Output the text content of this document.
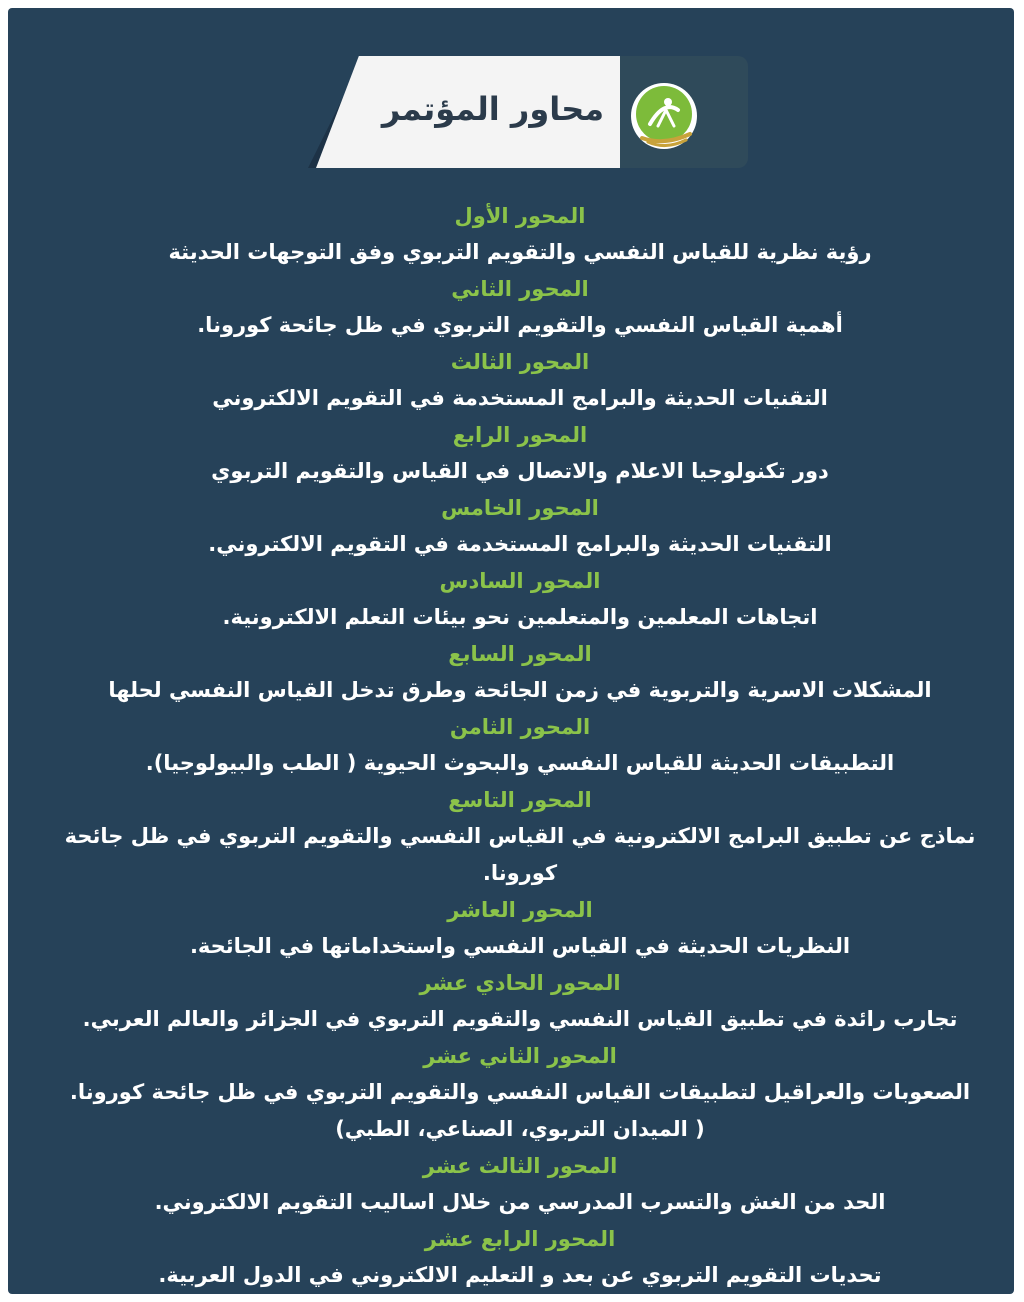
محاور المؤتمر
المحور الأول
رؤية نظرية للقياس النفسي والتقويم التربوي وفق التوجهات الحديثة
المحور الثاني
أهمية القياس النفسي والتقويم التربوي في ظل جائحة كورونا.
المحور الثالث
التقنيات الحديثة والبرامج المستخدمة في التقويم الالكتروني
المحور الرابع
دور تكنولوجيا الاعلام والاتصال في القياس والتقويم التربوي
المحور الخامس
التقنيات الحديثة والبرامج المستخدمة في التقويم الالكتروني.
المحور السادس
اتجاهات المعلمين والمتعلمين نحو بيئات التعلم الالكترونية.
المحور السابع
المشكلات الاسرية والتربوية في زمن الجائحة وطرق تدخل القياس النفسي لحلها
المحور الثامن
التطبيقات الحديثة للقياس النفسي والبحوث الحيوية ( الطب والبيولوجيا).
المحور التاسع
نماذج عن تطبيق البرامج الالكترونية في القياس النفسي والتقويم التربوي في ظل جائحة كورونا.
المحور العاشر
النظريات الحديثة في القياس النفسي واستخداماتها في الجائحة.
المحور الحادي عشر
تجارب رائدة في تطبيق القياس النفسي والتقويم التربوي في الجزائر والعالم العربي.
المحور الثاني عشر
الصعوبات والعراقيل لتطبيقات القياس النفسي والتقويم التربوي في ظل جائحة كورونا.
( الميدان التربوي، الصناعي، الطبي)
المحور الثالث عشر
الحد من الغش والتسرب المدرسي من خلال اساليب التقويم الالكتروني.
المحور الرابع عشر
تحديات التقويم التربوي عن بعد و التعليم الالكتروني في الدول العربية.
